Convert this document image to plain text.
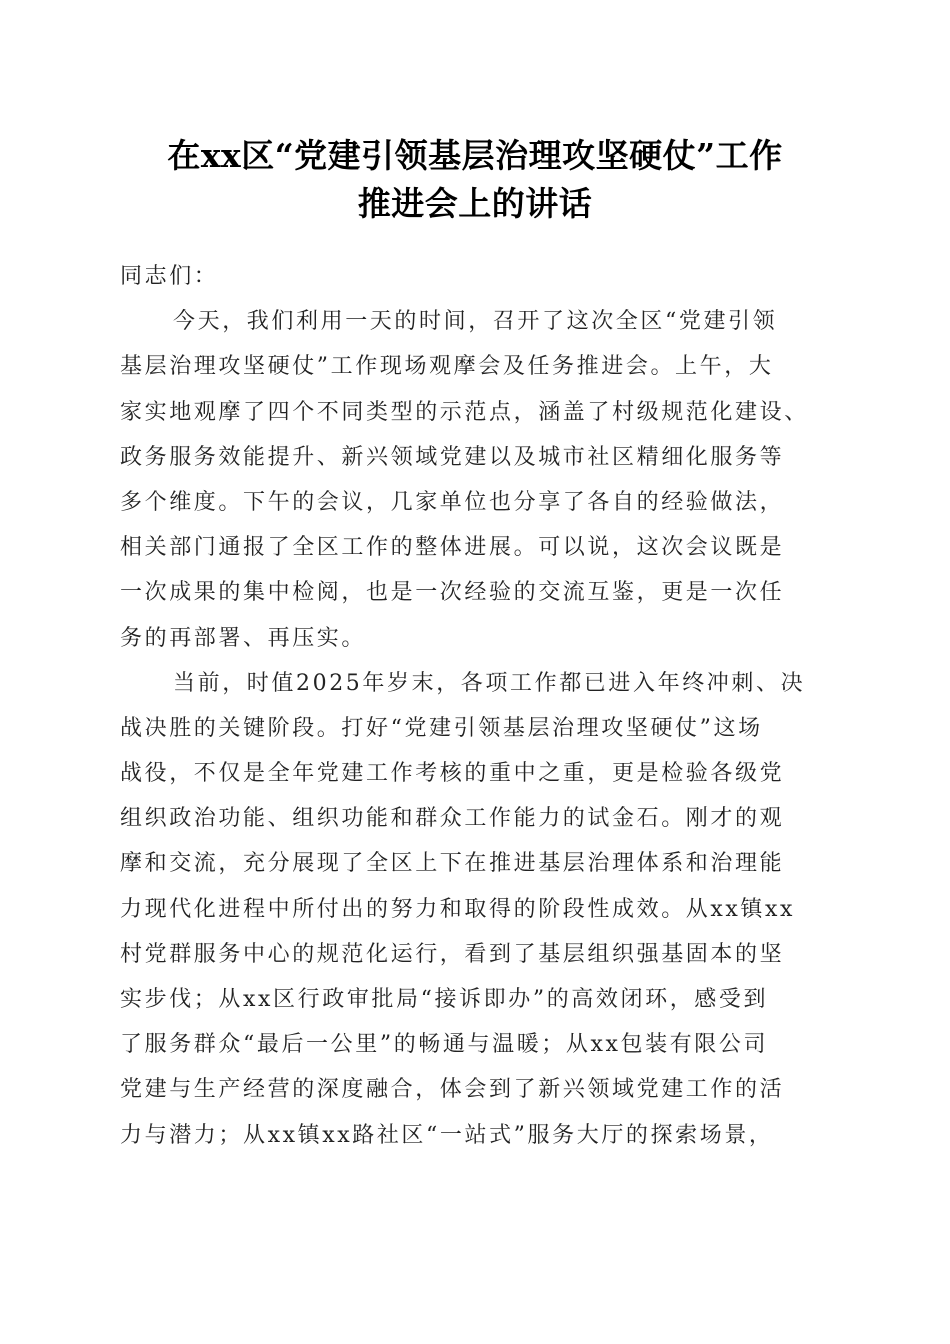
在xx区“党建引领基层治理攻坚硬仗”工作
推进会上的讲话
同志们：
今天，我们利用一天的时间，召开了这次全区“党建引领
基层治理攻坚硬仗”工作现场观摩会及任务推进会。上午，大
家实地观摩了四个不同类型的示范点，涵盖了村级规范化建设、
政务服务效能提升、新兴领域党建以及城市社区精细化服务等
多个维度。下午的会议，几家单位也分享了各自的经验做法，
相关部门通报了全区工作的整体进展。可以说，这次会议既是
一次成果的集中检阅，也是一次经验的交流互鉴，更是一次任
务的再部署、再压实。
当前，时值2025年岁末，各项工作都已进入年终冲刺、决
战决胜的关键阶段。打好“党建引领基层治理攻坚硬仗”这场
战役，不仅是全年党建工作考核的重中之重，更是检验各级党
组织政治功能、组织功能和群众工作能力的试金石。刚才的观
摩和交流，充分展现了全区上下在推进基层治理体系和治理能
力现代化进程中所付出的努力和取得的阶段性成效。从xx镇xx
村党群服务中心的规范化运行，看到了基层组织强基固本的坚
实步伐；从xx区行政审批局“接诉即办”的高效闭环，感受到
了服务群众“最后一公里”的畅通与温暖；从xx包装有限公司
党建与生产经营的深度融合，体会到了新兴领域党建工作的活
力与潜力；从xx镇xx路社区“一站式”服务大厅的探索场景，
